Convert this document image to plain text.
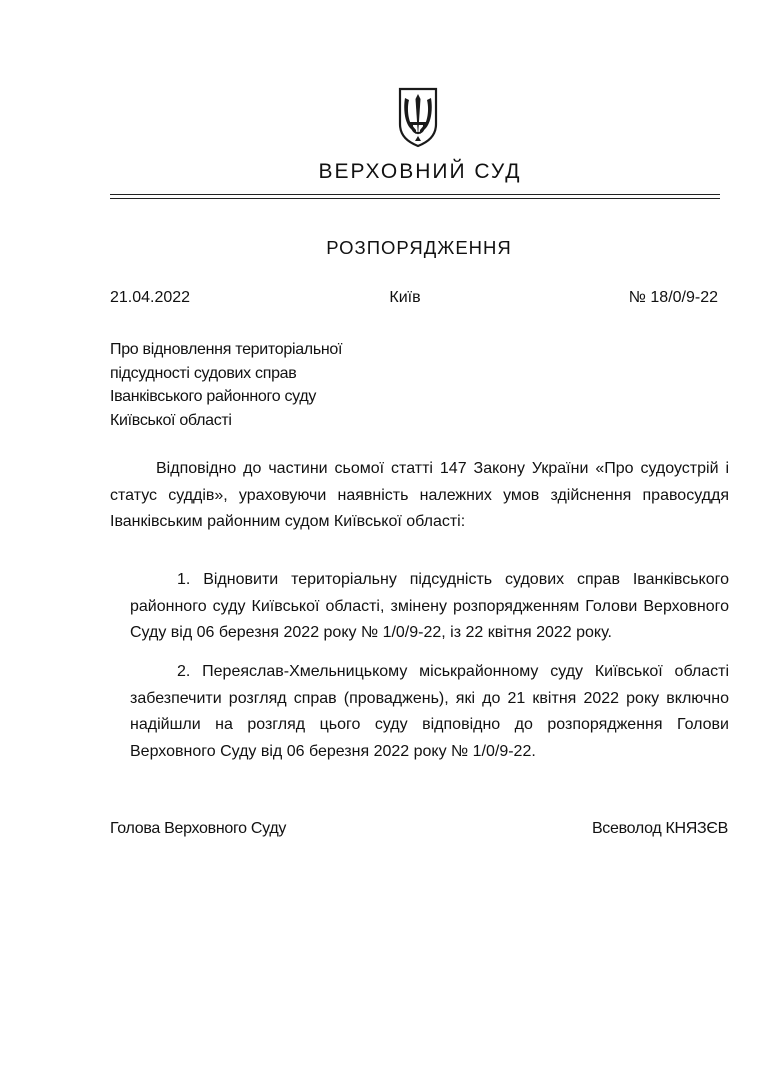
ВЕРХОВНИЙ СУД
РОЗПОРЯДЖЕННЯ
21.04.2022	Київ	№ 18/0/9-22
Про відновлення територіальної
підсудності судових справ
Іванківського районного суду
Київської області
Відповідно до частини сьомої статті 147 Закону України «Про судоустрій і статус суддів», ураховуючи наявність належних умов здійснення правосуддя Іванківським районним судом Київської області:
1. Відновити територіальну підсудність судових справ Іванківського районного суду Київської області, змінену розпорядженням Голови Верховного Суду від 06 березня 2022 року № 1/0/9-22, із 22 квітня 2022 року.
2. Переяслав-Хмельницькому міськрайонному суду Київської області забезпечити розгляд справ (проваджень), які до 21 квітня 2022 року включно надійшли на розгляд цього суду відповідно до розпорядження Голови Верховного Суду від 06 березня 2022 року № 1/0/9-22.
Голова Верховного Суду	Всеволод КНЯЗЄВ
